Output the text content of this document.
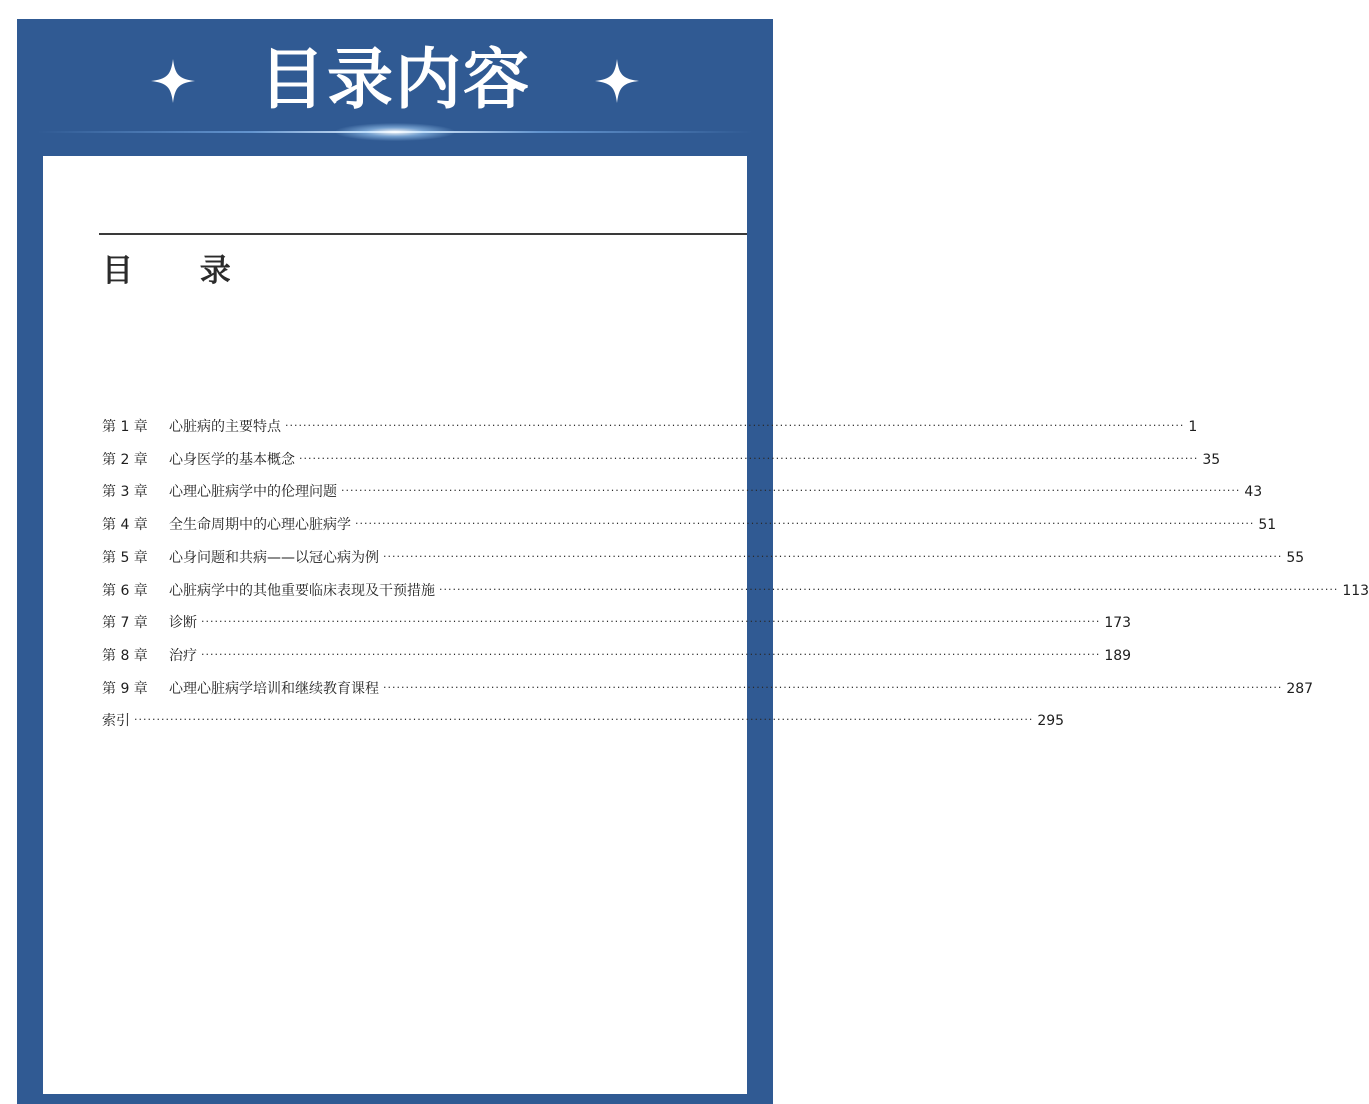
目录内容
目 录
第 1 章	心脏病的主要特点 ········································································································································································································ 1
第 2 章	心身医学的基本概念 ········································································································································································································ 35
第 3 章	心理心脏病学中的伦理问题 ········································································································································································································ 43
第 4 章	全生命周期中的心理心脏病学 ········································································································································································································ 51
第 5 章	心身问题和共病——以冠心病为例 ········································································································································································································ 55
第 6 章	心脏病学中的其他重要临床表现及干预措施 ········································································································································································································ 113
第 7 章	诊断 ········································································································································································································ 173
第 8 章	治疗 ········································································································································································································ 189
第 9 章	心理心脏病学培训和继续教育课程 ········································································································································································································ 287
索引 ········································································································································································································ 295
